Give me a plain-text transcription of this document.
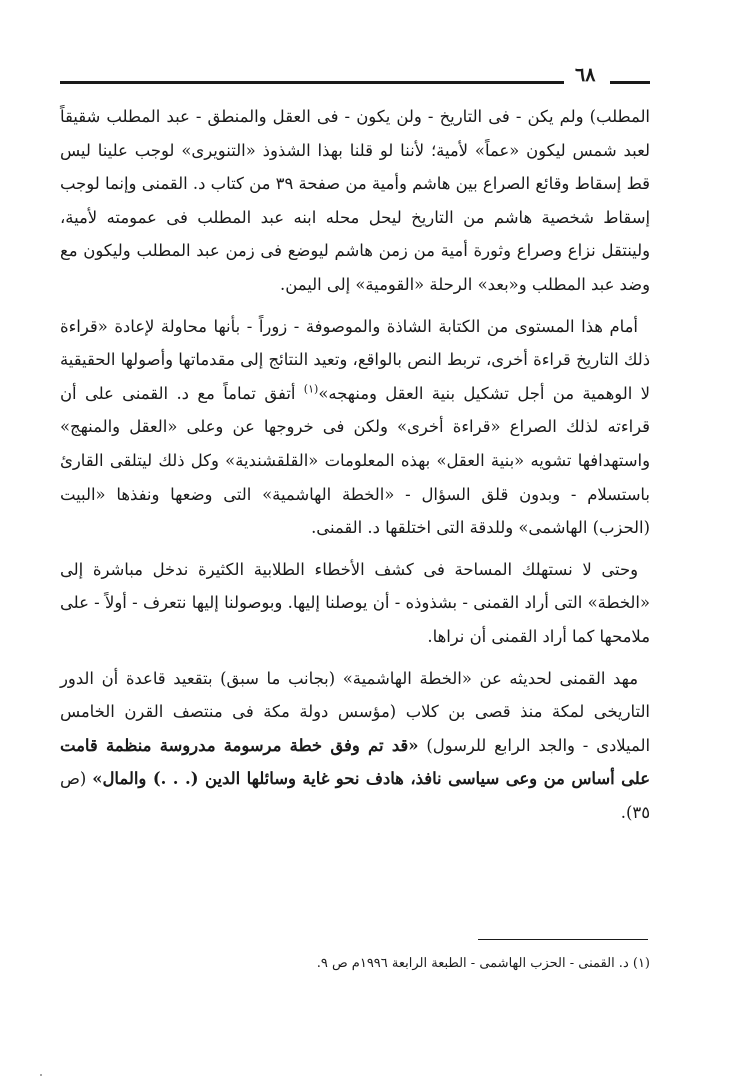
٦٨

المطلب) ولم يكن - فى التاريخ - ولن يكون - فى العقل والمنطق - عبد المطلب شقيقاً لعبد شمس ليكون «عماً» لأمية؛ لأننا لو قلنا بهذا الشذوذ «التنويرى» لوجب علينا ليس قط إسقاط وقائع الصراع بين هاشم وأمية من صفحة ٣٩ من كتاب د. القمنى وإنما لوجب إسقاط شخصية هاشم من التاريخ ليحل محله ابنه عبد المطلب فى عمومته لأمية، ولينتقل نزاع وصراع وثورة أمية من زمن هاشم ليوضع فى زمن عبد المطلب وليكون مع وضد عبد المطلب و«بعد» الرحلة «القومية» إلى اليمن.

أمام هذا المستوى من الكتابة الشاذة والموصوفة - زوراً - بأنها محاولة لإعادة «قراءة ذلك التاريخ قراءة أخرى، تربط النص بالواقع، وتعيد النتائج إلى مقدماتها وأصولها الحقيقية لا الوهمية من أجل تشكيل بنية العقل ومنهجه»$^{(١)}$ أتفق تماماً مع د. القمنى على أن قراءته لذلك الصراع «قراءة أخرى» ولكن فى خروجها عن وعلى «العقل والمنهج» واستهدافها تشويه «بنية العقل» بهذه المعلومات «القلقشندية» وكل ذلك ليتلقى القارئ باستسلام - وبدون قلق السؤال - «الخطة الهاشمية» التى وضعها ونفذها «البيت (الحزب) الهاشمى» وللدقة التى اختلقها د. القمنى.

وحتى لا نستهلك المساحة فى كشف الأخطاء الطلابية الكثيرة ندخل مباشرة إلى «الخطة» التى أراد القمنى - بشذوذه - أن يوصلنا إليها. وبوصولنا إليها نتعرف - أولاً - على ملامحها كما أراد القمنى أن نراها.

مهد القمنى لحديثه عن «الخطة الهاشمية» (بجانب ما سبق) بتقعيد قاعدة أن الدور التاريخى لمكة منذ قصى بن كلاب (مؤسس دولة مكة فى منتصف القرن الخامس الميلادى - والجد الرابع للرسول) «قد تم وفق خطة مرسومة مدروسة منظمة قامت على أساس من وعى سياسى نافذ، هادف نحو غاية وسائلها الدين (. . .) والمال» (ص ٣٥).

(١) د. القمنى - الحزب الهاشمى - الطبعة الرابعة ١٩٩٦م ص ٩.
